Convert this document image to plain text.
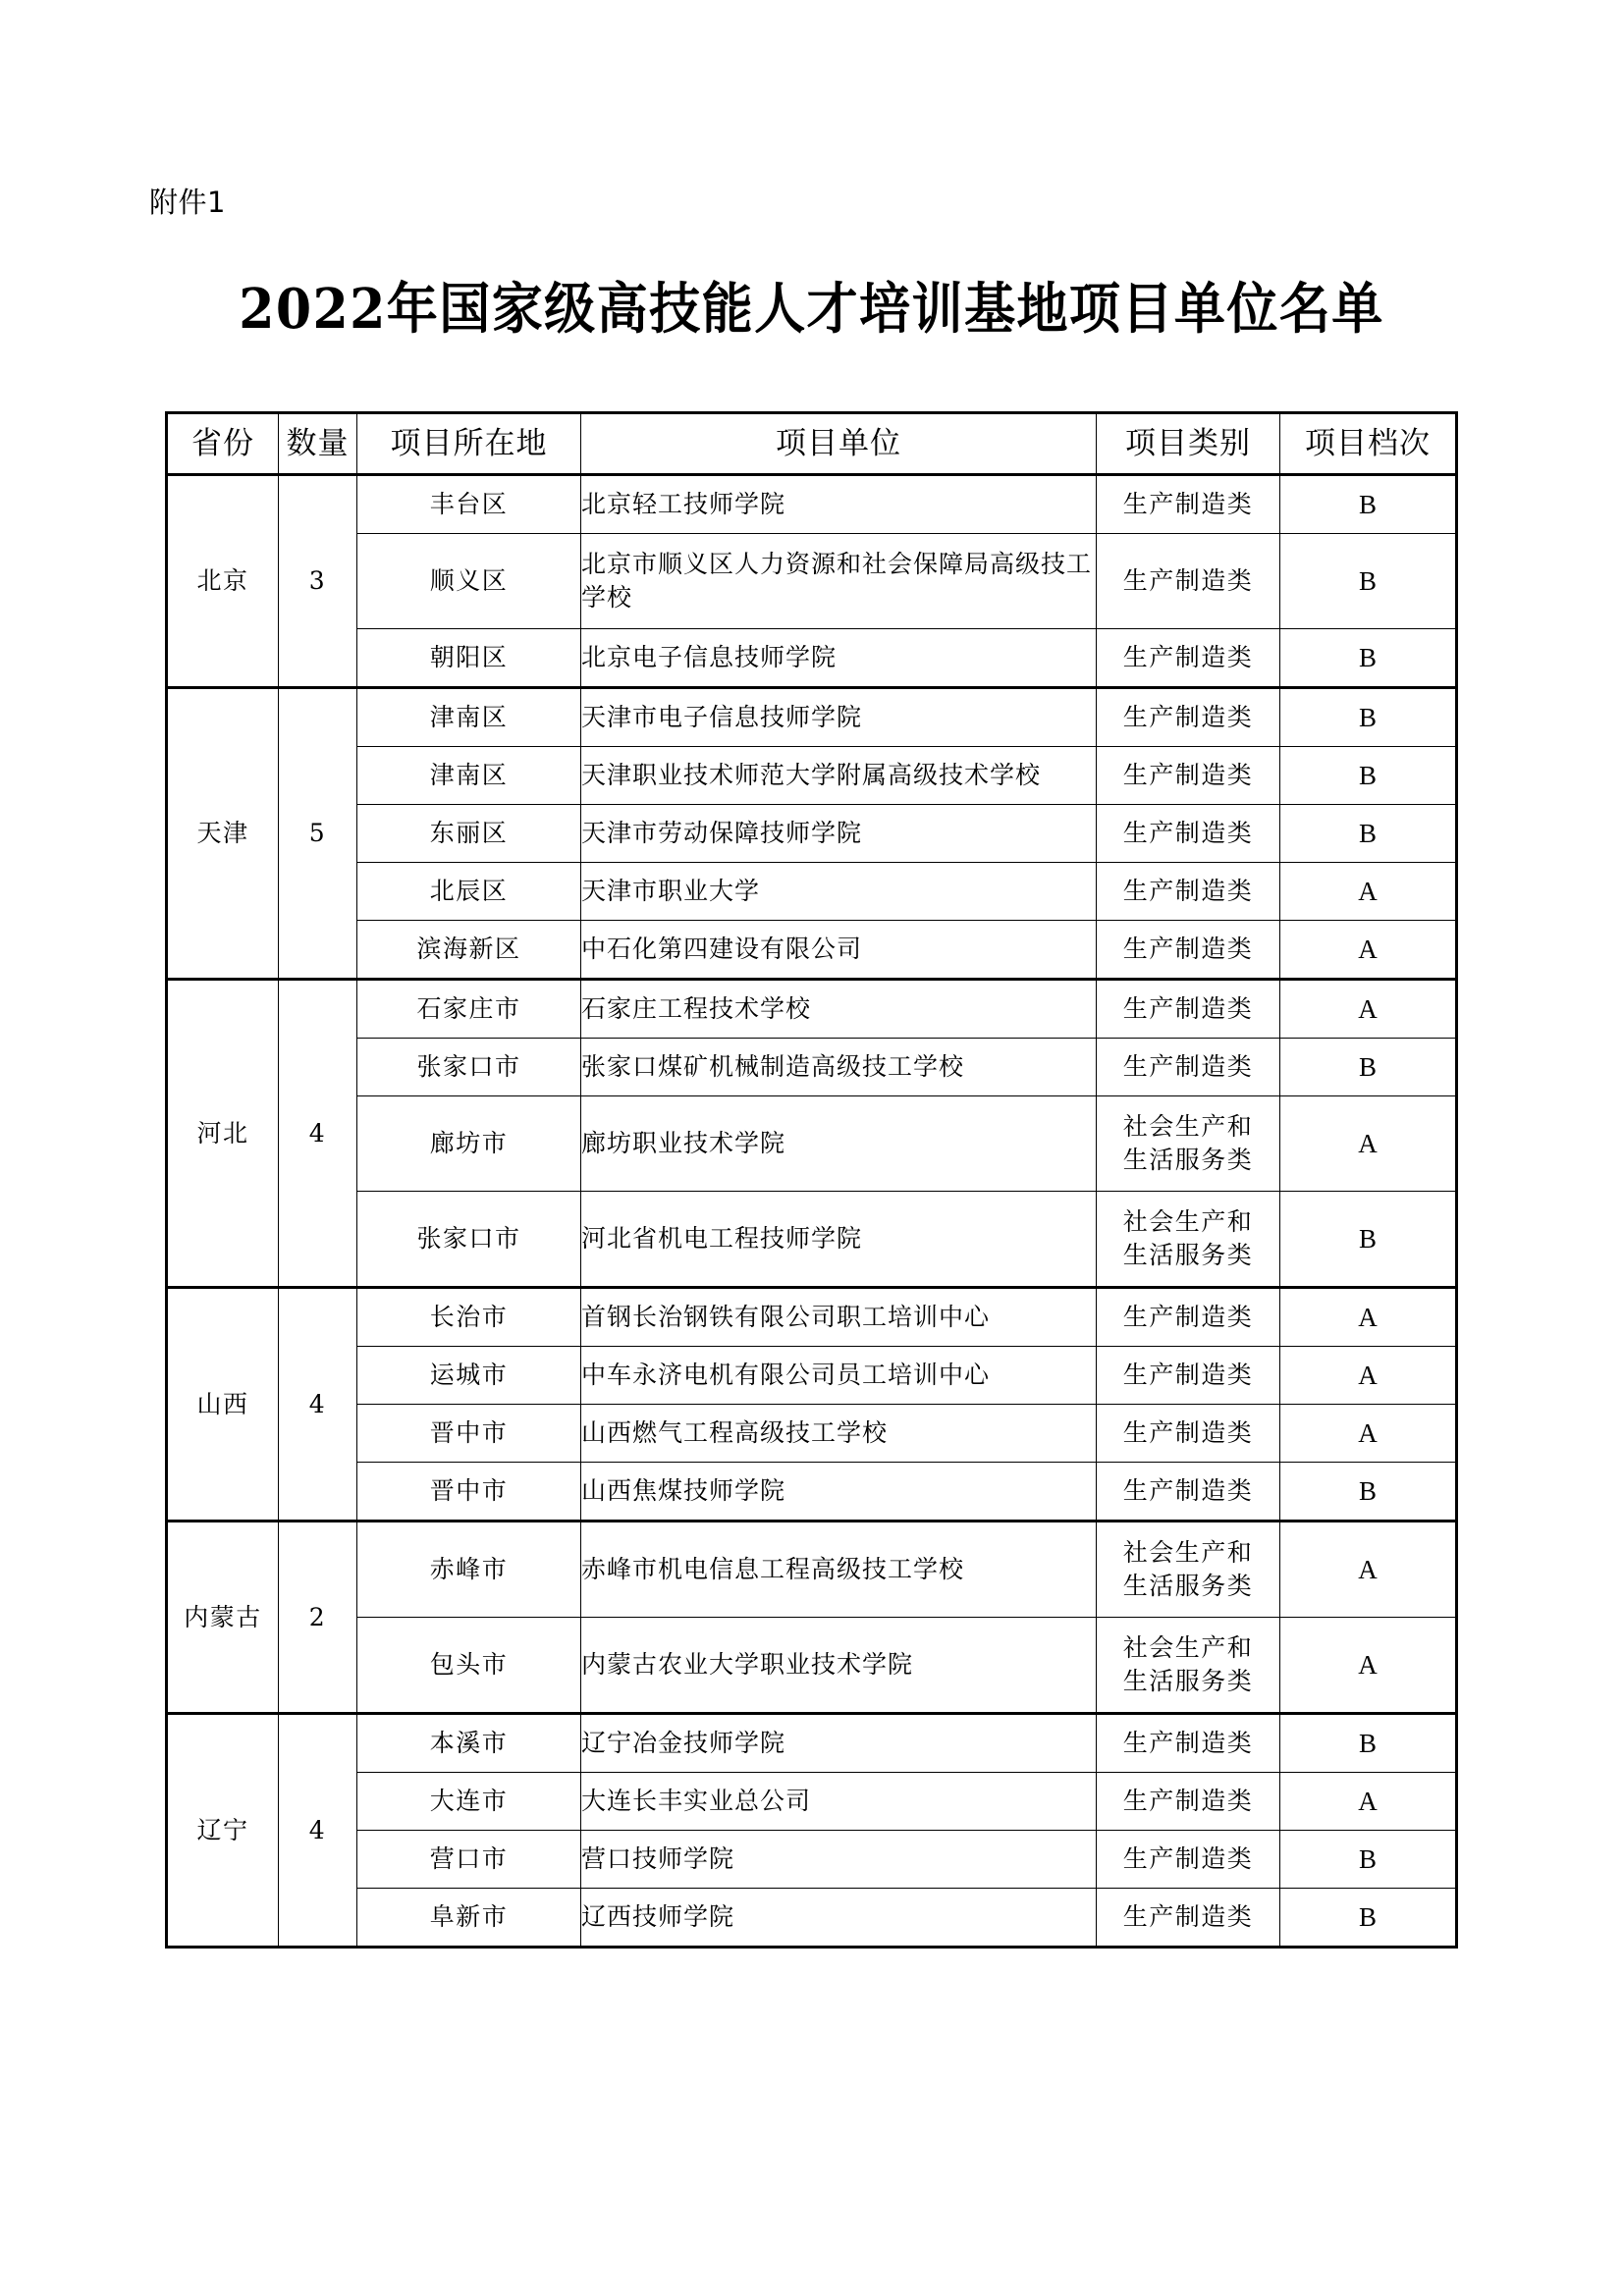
附件1
2022年国家级高技能人才培训基地项目单位名单
省份	数量	项目所在地	项目单位	项目类别	项目档次
北京	3	丰台区	北京轻工技师学院	生产制造类	B
		顺义区	北京市顺义区人力资源和社会保障局高级技工学校	生产制造类	B
		朝阳区	北京电子信息技师学院	生产制造类	B
天津	5	津南区	天津市电子信息技师学院	生产制造类	B
		津南区	天津职业技术师范大学附属高级技术学校	生产制造类	B
		东丽区	天津市劳动保障技师学院	生产制造类	B
		北辰区	天津市职业大学	生产制造类	A
		滨海新区	中石化第四建设有限公司	生产制造类	A
河北	4	石家庄市	石家庄工程技术学校	生产制造类	A
		张家口市	张家口煤矿机械制造高级技工学校	生产制造类	B
		廊坊市	廊坊职业技术学院	社会生产和
生活服务类	A
		张家口市	河北省机电工程技师学院	社会生产和
生活服务类	B
山西	4	长治市	首钢长治钢铁有限公司职工培训中心	生产制造类	A
		运城市	中车永济电机有限公司员工培训中心	生产制造类	A
		晋中市	山西燃气工程高级技工学校	生产制造类	A
		晋中市	山西焦煤技师学院	生产制造类	B
内蒙古	2	赤峰市	赤峰市机电信息工程高级技工学校	社会生产和
生活服务类	A
		包头市	内蒙古农业大学职业技术学院	社会生产和
生活服务类	A
辽宁	4	本溪市	辽宁冶金技师学院	生产制造类	B
		大连市	大连长丰实业总公司	生产制造类	A
		营口市	营口技师学院	生产制造类	B
		阜新市	辽西技师学院	生产制造类	B
